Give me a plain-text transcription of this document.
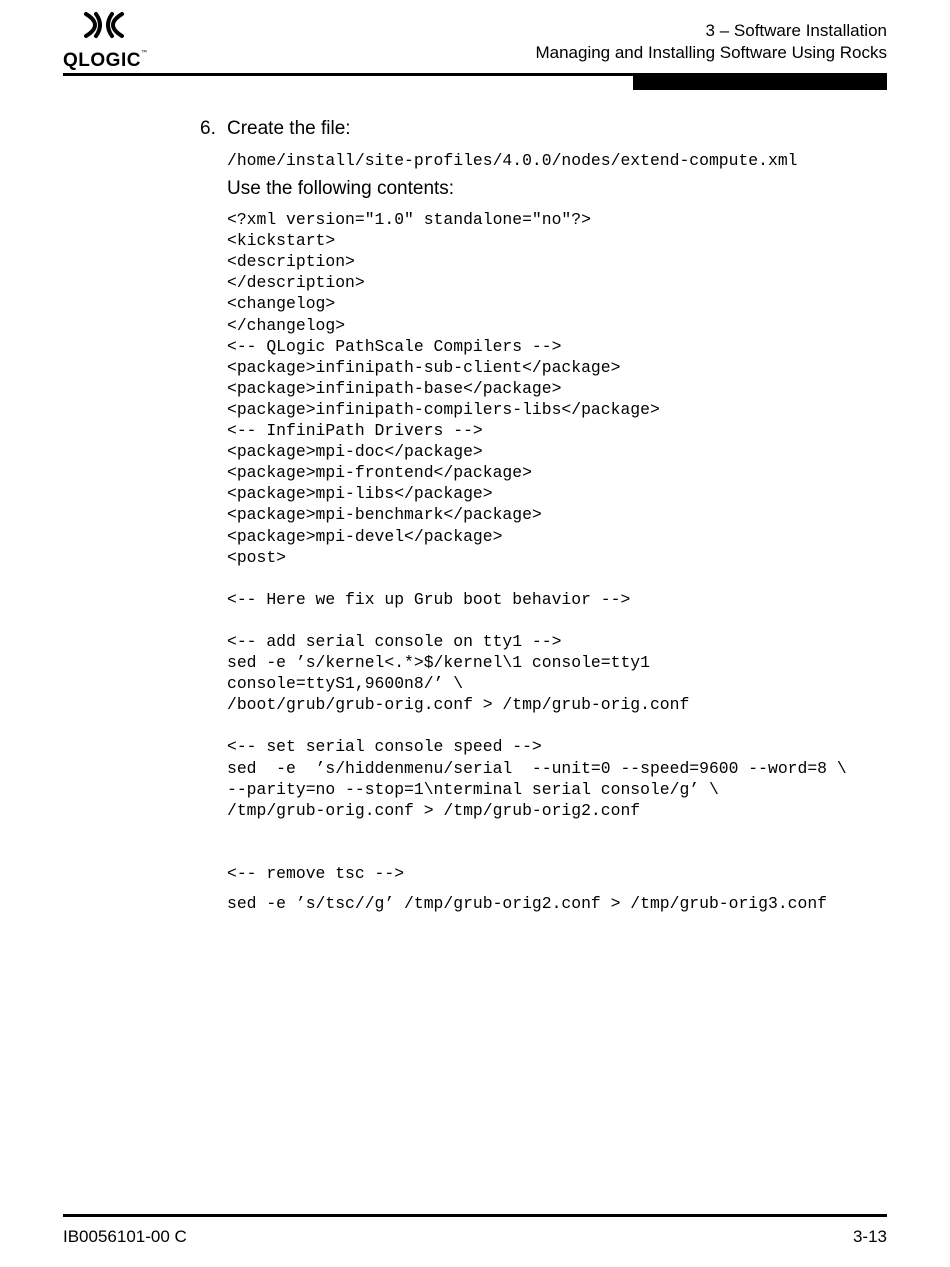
QLOGIC™
3 – Software Installation
Managing and Installing Software Using Rocks
6. Create the file:
/home/install/site-profiles/4.0.0/nodes/extend-compute.xml
Use the following contents:
<?xml version="1.0" standalone="no"?>
<kickstart>
<description>
</description>
<changelog>
</changelog>
<-- QLogic PathScale Compilers -->
<package>infinipath-sub-client</package>
<package>infinipath-base</package>
<package>infinipath-compilers-libs</package>
<-- InfiniPath Drivers -->
<package>mpi-doc</package>
<package>mpi-frontend</package>
<package>mpi-libs</package>
<package>mpi-benchmark</package>
<package>mpi-devel</package>
<post>
<-- Here we fix up Grub boot behavior -->
<-- add serial console on tty1 -->
sed -e ’s/kernel<.*>$/kernel\1 console=tty1
console=ttyS1,9600n8/’ \
/boot/grub/grub-orig.conf > /tmp/grub-orig.conf
<-- set serial console speed -->
sed  -e  ’s/hiddenmenu/serial  --unit=0 --speed=9600 --word=8 \
--parity=no --stop=1\nterminal serial console/g’ \
/tmp/grub-orig.conf > /tmp/grub-orig2.conf
<-- remove tsc -->
sed -e ’s/tsc//g’ /tmp/grub-orig2.conf > /tmp/grub-orig3.conf
IB0056101-00 C	3-13
